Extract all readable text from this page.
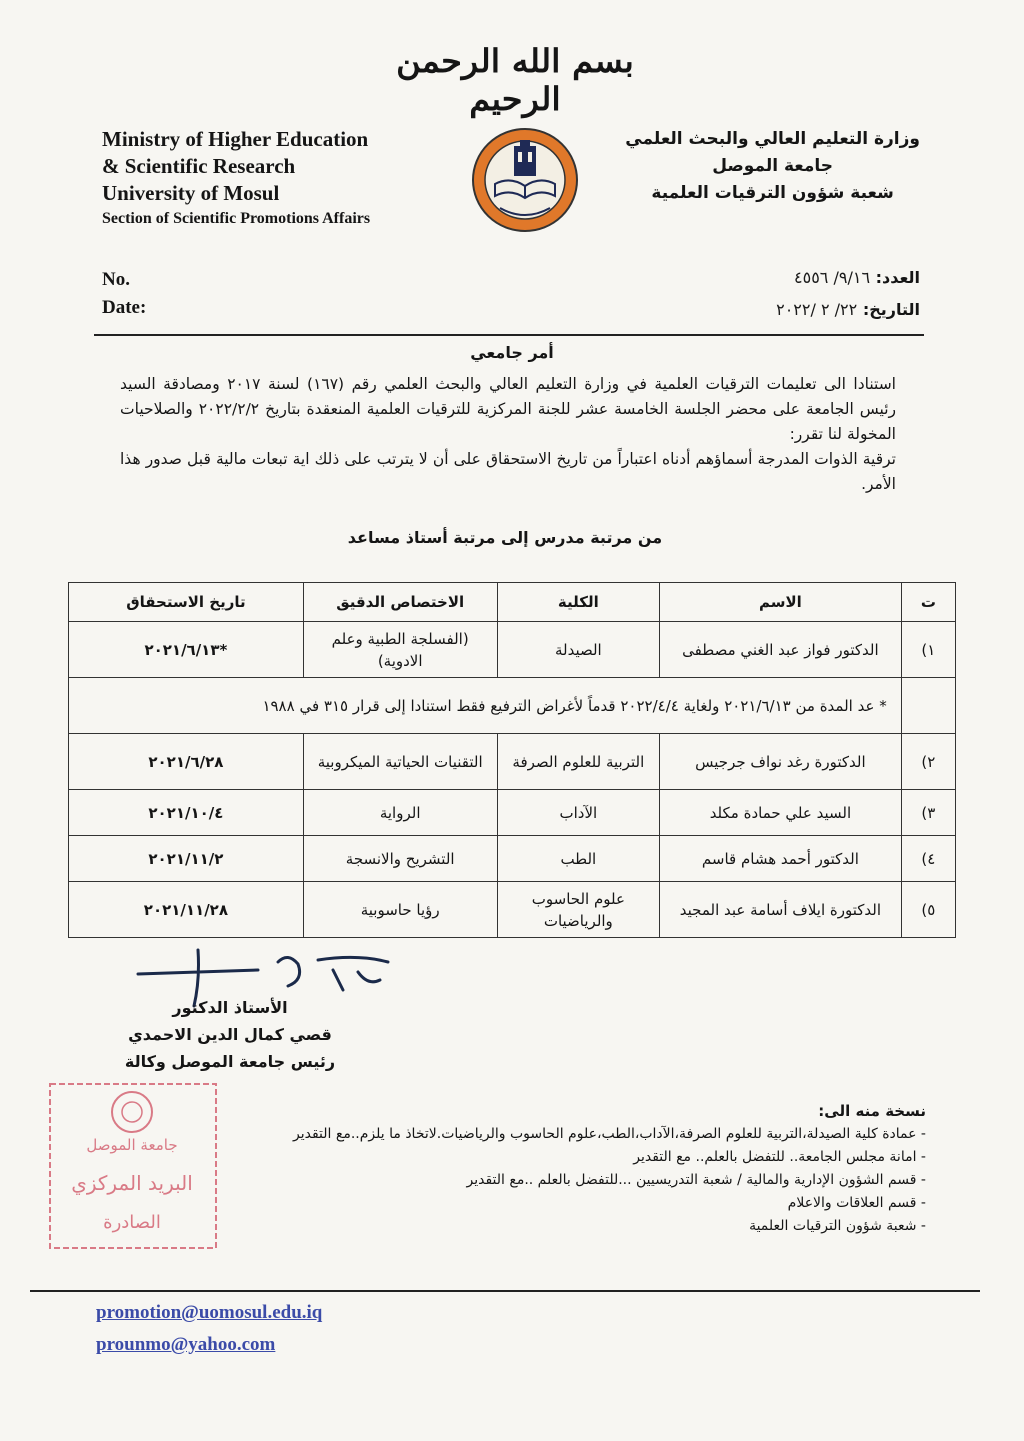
بسم الله الرحمن الرحيم
Ministry of Higher Education
& Scientific Research
University of Mosul
Section of Scientific Promotions Affairs
وزارة التعليم العالي والبحث العلمي
جامعة الموصل
شعبة شؤون الترقيات العلمية
No.
Date:
العدد: ٩/١٦/ ٤٥٥٦
التاريخ: ٢٢/ ٢ /٢٠٢٢
أمر جامعي

استنادا الى تعليمات الترقيات العلمية في وزارة التعليم العالي والبحث العلمي رقم (١٦٧) لسنة ٢٠١٧ ومصادقة السيد رئيس الجامعة على محضر الجلسة الخامسة عشر للجنة المركزية للترقيات العلمية المنعقدة بتاريخ ٢٠٢٢/٢/٢ والصلاحيات المخولة لنا تقرر:

ترقية الذوات المدرجة أسماؤهم أدناه اعتباراً من تاريخ الاستحقاق على أن لا يترتب على ذلك اية تبعات مالية قبل صدور هذا الأمر.

من مرتبة مدرس إلى مرتبة أستاذ مساعد
ت	الاسم	الكلية	الاختصاص الدقيق	تاريخ الاستحقاق
١)	الدكتور فواز عبد الغني مصطفى	الصيدلة	(الفسلجة الطبية وعلم الادوية)	*٢٠٢١/٦/١٣
	* عد المدة من ٢٠٢١/٦/١٣ ولغاية ٢٠٢٢/٤/٤ قدماً لأغراض الترفيع فقط استنادا إلى قرار ٣١٥ في ١٩٨٨			
٢)	الدكتورة رغد نواف جرجيس	التربية للعلوم الصرفة	التقنيات الحياتية الميكروبية	٢٠٢١/٦/٢٨
٣)	السيد علي حمادة مكلد	الآداب	الرواية	٢٠٢١/١٠/٤
٤)	الدكتور أحمد هشام قاسم	الطب	التشريح والانسجة	٢٠٢١/١١/٢
٥)	الدكتورة ايلاف أسامة عبد المجيد	علوم الحاسوب والرياضيات	رؤيا حاسوبية	٢٠٢١/١١/٢٨
الأستاذ الدكتور
قصي كمال الدين الاحمدي
رئيس جامعة الموصل وكالة
جامعة الموصل
البريد المركزي
الصادرة
نسخة منه الى:
- عمادة كلية الصيدلة،التربية للعلوم الصرفة،الآداب،الطب،علوم الحاسوب والرياضيات.لاتخاذ ما يلزم..مع التقدير
- امانة مجلس الجامعة.. للتفضل بالعلم.. مع التقدير
- قسم الشؤون الإدارية والمالية / شعبة التدريسيين ...للتفضل بالعلم ..مع التقدير
- قسم العلاقات والاعلام
- شعبة شؤون الترقيات العلمية
promotion@uomosul.edu.iq
prounmo@yahoo.com
